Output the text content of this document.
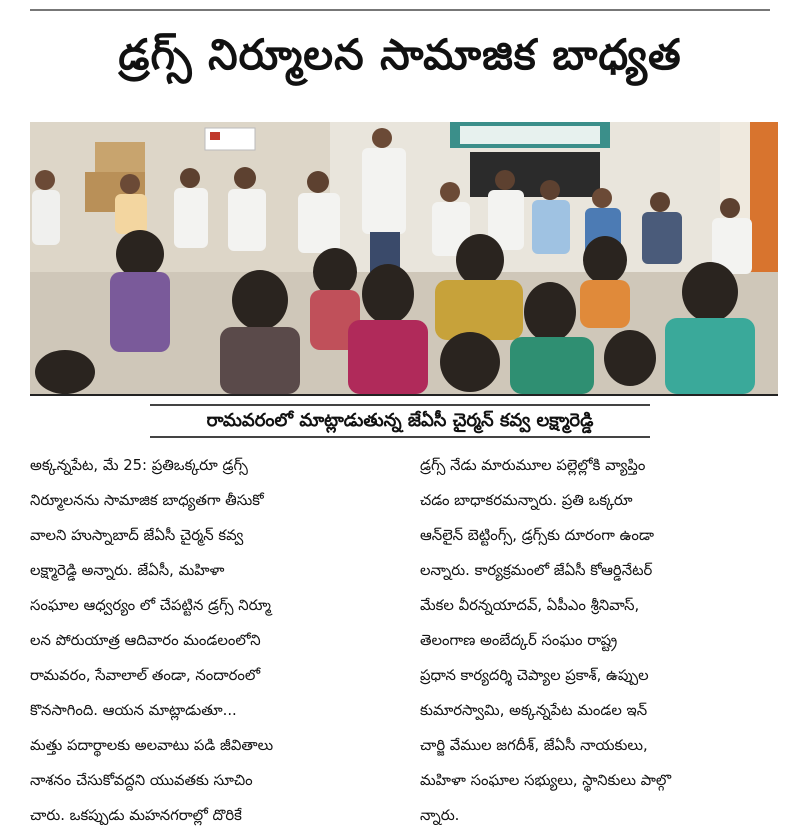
డ్రగ్స్ నిర్మూలన సామాజిక బాధ్యత
రామవరంలో మాట్లాడుతున్న జేఏసీ చైర్మన్ కవ్వ లక్ష్మారెడ్డి
అక్కన్నపేట, మే 25: ప్రతిఒక్కరూ డ్రగ్స్
నిర్మూలనను సామాజిక బాధ్యతగా తీసుకో
వాలని హుస్నాబాద్ జేఏసీ చైర్మన్ కవ్వ
లక్ష్మారెడ్డి అన్నారు. జేఏసీ, మహిళా
సంఘాల ఆధ్వర్యం లో చేపట్టిన డ్రగ్స్ నిర్మూ
లన పోరుయాత్ర ఆదివారం మండలంలోని
రామవరం, సేవాలాల్ తండా, నందారంలో
కొనసాగింది. ఆయన మాట్లాడుతూ...
మత్తు పదార్థాలకు అలవాటు పడి జీవితాలు
నాశనం చేసుకోవద్దని యువతకు సూచిం
చారు. ఒకప్పుడు మహనగరాల్లో దొరికే
డ్రగ్స్ నేడు మారుమూల పల్లెల్లోకి వ్యాప్తిం
చడం బాధాకరమన్నారు. ప్రతి ఒక్కరూ
ఆన్‌లైన్ బెట్టింగ్స్, డ్రగ్స్‌కు దూరంగా ఉండా
లన్నారు. కార్యక్రమంలో జేఏసీ కోఆర్డినేటర్
మేకల వీరన్నయాదవ్, ఏపీఎం శ్రీనివాస్,
తెలంగాణ అంబేద్కర్ సంఘం రాష్ట్ర
ప్రధాన కార్యదర్శి చెప్యాల ప్రకాశ్, ఉప్పుల
కుమారస్వామి, అక్కన్నపేట మండల ఇన్
చార్జి వేముల జగదీశ్, జేఏసీ నాయకులు,
మహిళా సంఘాల సభ్యులు, స్థానికులు పాల్గొ
న్నారు.
